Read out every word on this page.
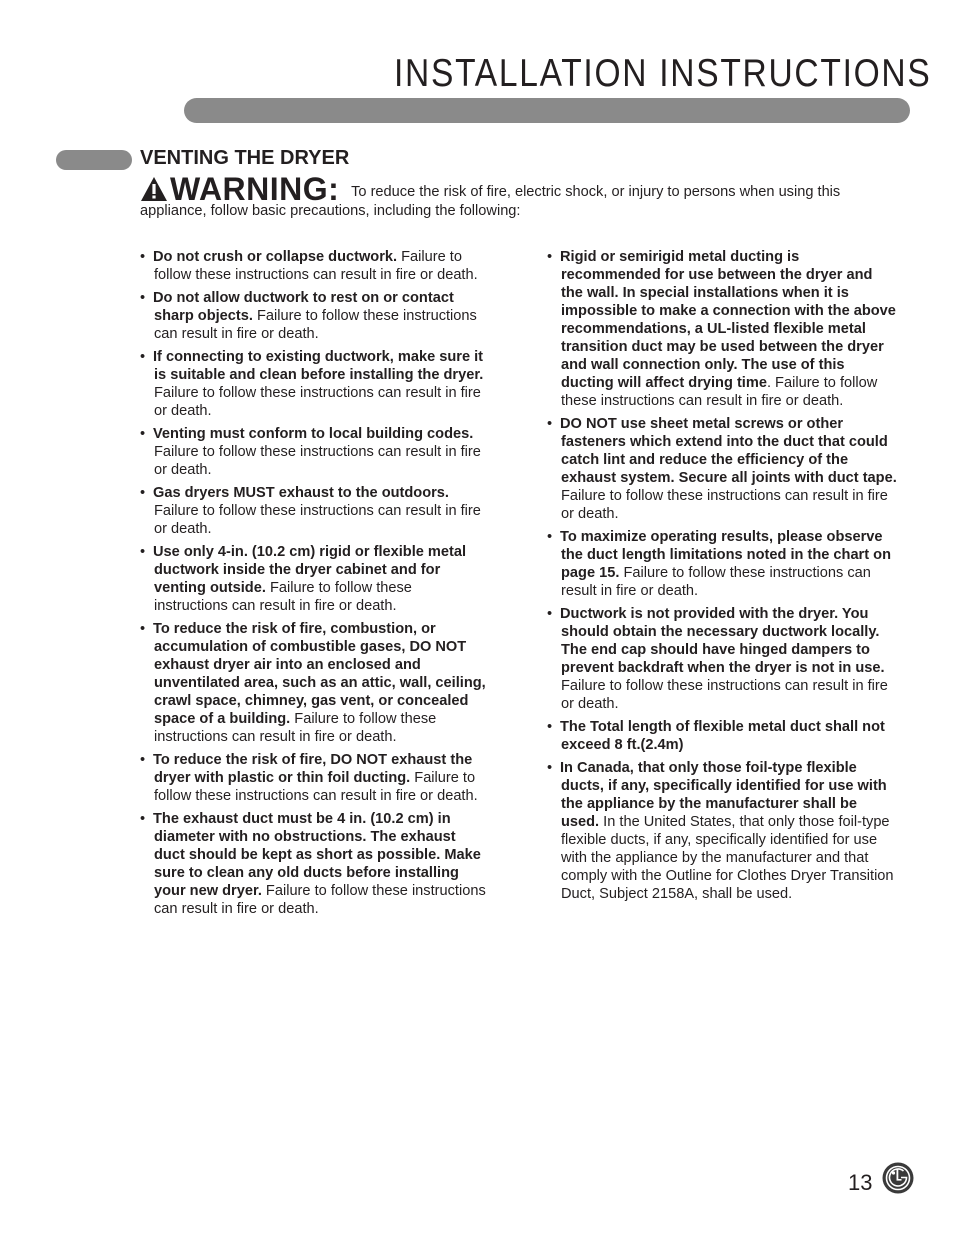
INSTALLATION INSTRUCTIONS
VENTING THE DRYER
WARNING: To reduce the risk of fire, electric shock, or injury to persons when using this appliance, follow basic precautions, including the following:
• Do not crush or collapse ductwork. Failure to follow these instructions can result in fire or death.
• Do not allow ductwork to rest on or contact sharp objects. Failure to follow these instructions can result in fire or death.
• If connecting to existing ductwork, make sure it is suitable and clean before installing the dryer. Failure to follow these instructions can result in fire or death.
• Venting must conform to local building codes. Failure to follow these instructions can result in fire or death.
• Gas dryers MUST exhaust to the outdoors. Failure to follow these instructions can result in fire or death.
• Use only 4-in. (10.2 cm) rigid or flexible metal ductwork inside the dryer cabinet and for venting outside. Failure to follow these instructions can result in fire or death.
• To reduce the risk of fire, combustion, or accumulation of combustible gases, DO NOT exhaust dryer air into an enclosed and unventilated area, such as an attic, wall, ceiling, crawl space, chimney, gas vent, or concealed space of a building. Failure to follow these instructions can result in fire or death.
• To reduce the risk of fire, DO NOT exhaust the dryer with plastic or thin foil ducting. Failure to follow these instructions can result in fire or death.
• The exhaust duct must be 4 in. (10.2 cm) in diameter with no obstructions. The exhaust duct should be kept as short as possible. Make sure to clean any old ducts before installing your new dryer. Failure to follow these instructions can result in fire or death.
• Rigid or semirigid metal ducting is recommended for use between the dryer and the wall. In special installations when it is impossible to make a connection with the above recommendations, a UL-listed flexible metal transition duct may be used between the dryer and wall connection only. The use of this ducting will affect drying time. Failure to follow these instructions can result in fire or death.
• DO NOT use sheet metal screws or other fasteners which extend into the duct that could catch lint and reduce the efficiency of the exhaust system. Secure all joints with duct tape. Failure to follow these instructions can result in fire or death.
• To maximize operating results, please observe the duct length limitations noted in the chart on page 15. Failure to follow these instructions can result in fire or death.
• Ductwork is not provided with the dryer. You should obtain the necessary ductwork locally. The end cap should have hinged dampers to prevent backdraft when the dryer is not in use. Failure to follow these instructions can result in fire or death.
• The Total length of flexible metal duct shall not exceed 8 ft.(2.4m)
• In Canada, that only those foil-type flexible ducts, if any, specifically identified for use with the appliance by the manufacturer shall be used. In the United States, that only those foil-type flexible ducts, if any, specifically identified for use with the appliance by the manufacturer and that comply with the Outline for Clothes Dryer Transition Duct, Subject 2158A, shall be used.
13
